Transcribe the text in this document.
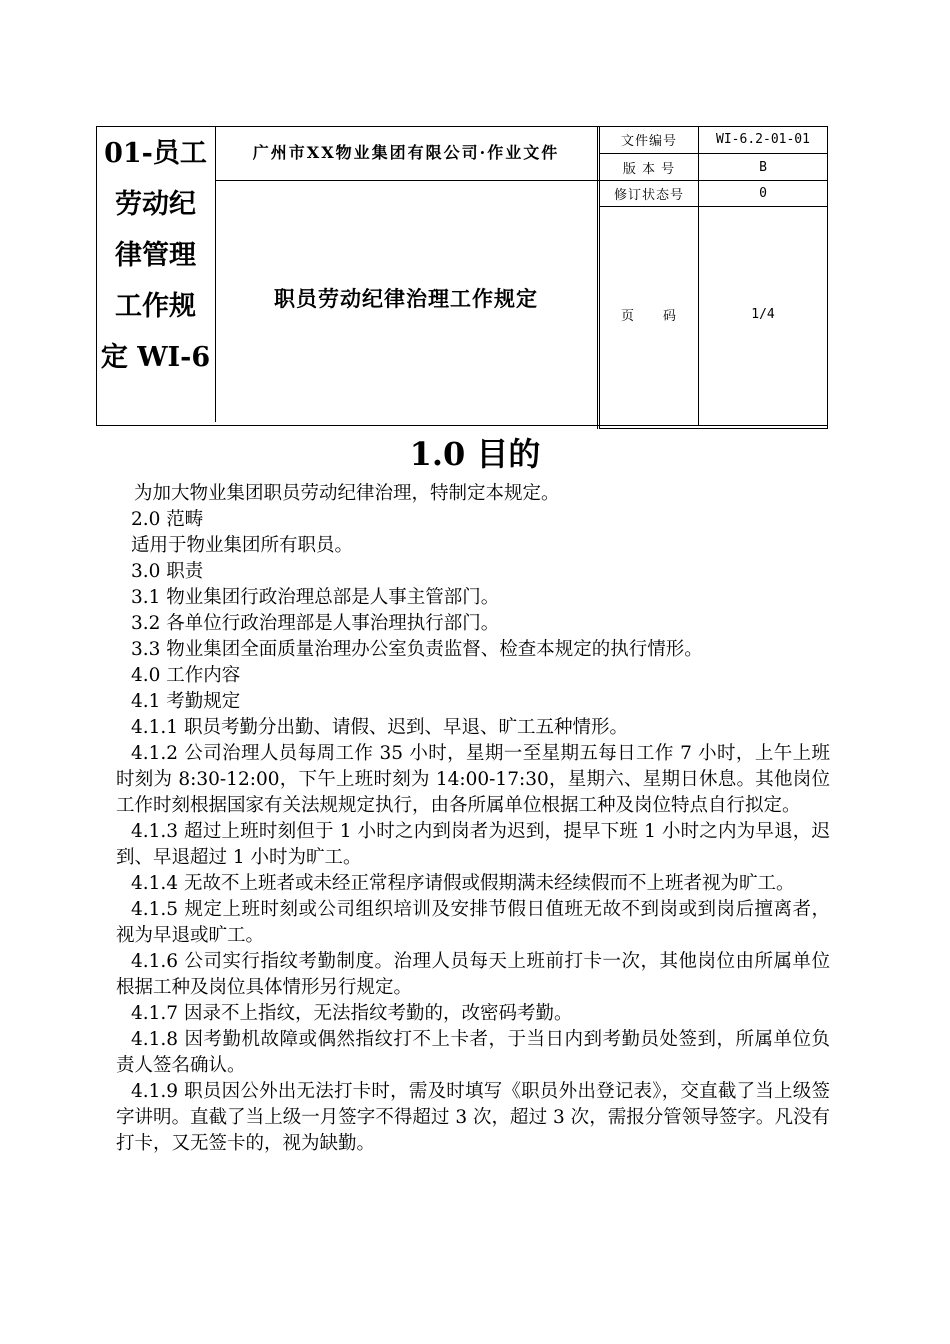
01-员工
劳动纪
律管理
工作规
定 WI-6
广州市XX物业集团有限公司·作业文件
职员劳动纪律治理工作规定
文件编号	WI-6.2-01-01
版 本 号	B
修订状态号	0
页　　码	1/4
1.0 目的

为加大物业集团职员劳动纪律治理，特制定本规定。

2.0 范畴

适用于物业集团所有职员。

3.0 职责

3.1 物业集团行政治理总部是人事主管部门。

3.2 各单位行政治理部是人事治理执行部门。

3.3 物业集团全面质量治理办公室负责监督、检查本规定的执行情形。

4.0 工作内容

4.1 考勤规定

4.1.1 职员考勤分出勤、请假、迟到、早退、旷工五种情形。

4.1.2 公司治理人员每周工作 35 小时，星期一至星期五每日工作 7 小时，上午上班时刻为 8:30-12:00，下午上班时刻为 14:00-17:30，星期六、星期日休息。其他岗位工作时刻根据国家有关法规规定执行，由各所属单位根据工种及岗位特点自行拟定。

4.1.3 超过上班时刻但于 1 小时之内到岗者为迟到，提早下班 1 小时之内为早退，迟到、早退超过 1 小时为旷工。

4.1.4 无故不上班者或未经正常程序请假或假期满未经续假而不上班者视为旷工。

4.1.5 规定上班时刻或公司组织培训及安排节假日值班无故不到岗或到岗后擅离者，视为早退或旷工。

4.1.6 公司实行指纹考勤制度。治理人员每天上班前打卡一次，其他岗位由所属单位根据工种及岗位具体情形另行规定。

4.1.7 因录不上指纹，无法指纹考勤的，改密码考勤。

4.1.8 因考勤机故障或偶然指纹打不上卡者，于当日内到考勤员处签到，所属单位负责人签名确认。

4.1.9 职员因公外出无法打卡时，需及时填写《职员外出登记表》，交直截了当上级签字讲明。直截了当上级一月签字不得超过 3 次，超过 3 次，需报分管领导签字。凡没有打卡，又无签卡的，视为缺勤。
